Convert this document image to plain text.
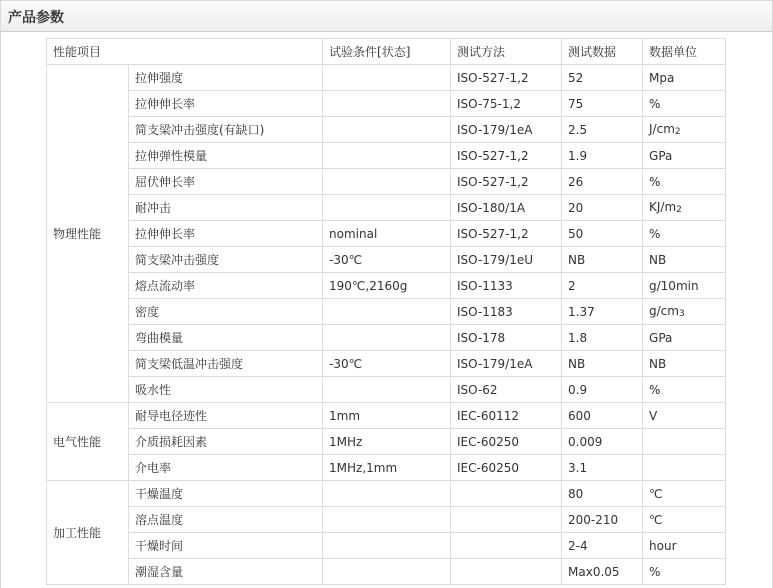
产品参数
性能项目		试验条件[状态]	测试方法	测试数据	数据单位
物理性能	拉伸强度		ISO-527-1,2	52	Mpa
	拉伸伸长率		ISO-75-1,2	75	%
	简支梁冲击强度(有缺口)		ISO-179/1eA	2.5	J/cm2
	拉伸弹性模量		ISO-527-1,2	1.9	GPa
	屈伏伸长率		ISO-527-1,2	26	%
	耐冲击		ISO-180/1A	20	KJ/m2
	拉伸伸长率	nominal	ISO-527-1,2	50	%
	简支梁冲击强度	-30℃	ISO-179/1eU	NB	NB
	熔点流动率	190℃,2160g	ISO-1133	2	g/10min
	密度		ISO-1183	1.37	g/cm3
	弯曲模量		ISO-178	1.8	GPa
	简支梁低温冲击强度	-30℃	ISO-179/1eA	NB	NB
	吸水性		ISO-62	0.9	%
电气性能	耐导电径迹性	1mm	IEC-60112	600	V
	介质损耗因素	1MHz	IEC-60250	0.009	
	介电率	1MHz,1mm	IEC-60250	3.1	
加工性能	干燥温度			80	℃
	溶点温度			200-210	℃
	干燥时间			2-4	hour
	潮湿含量			Max0.05	%
